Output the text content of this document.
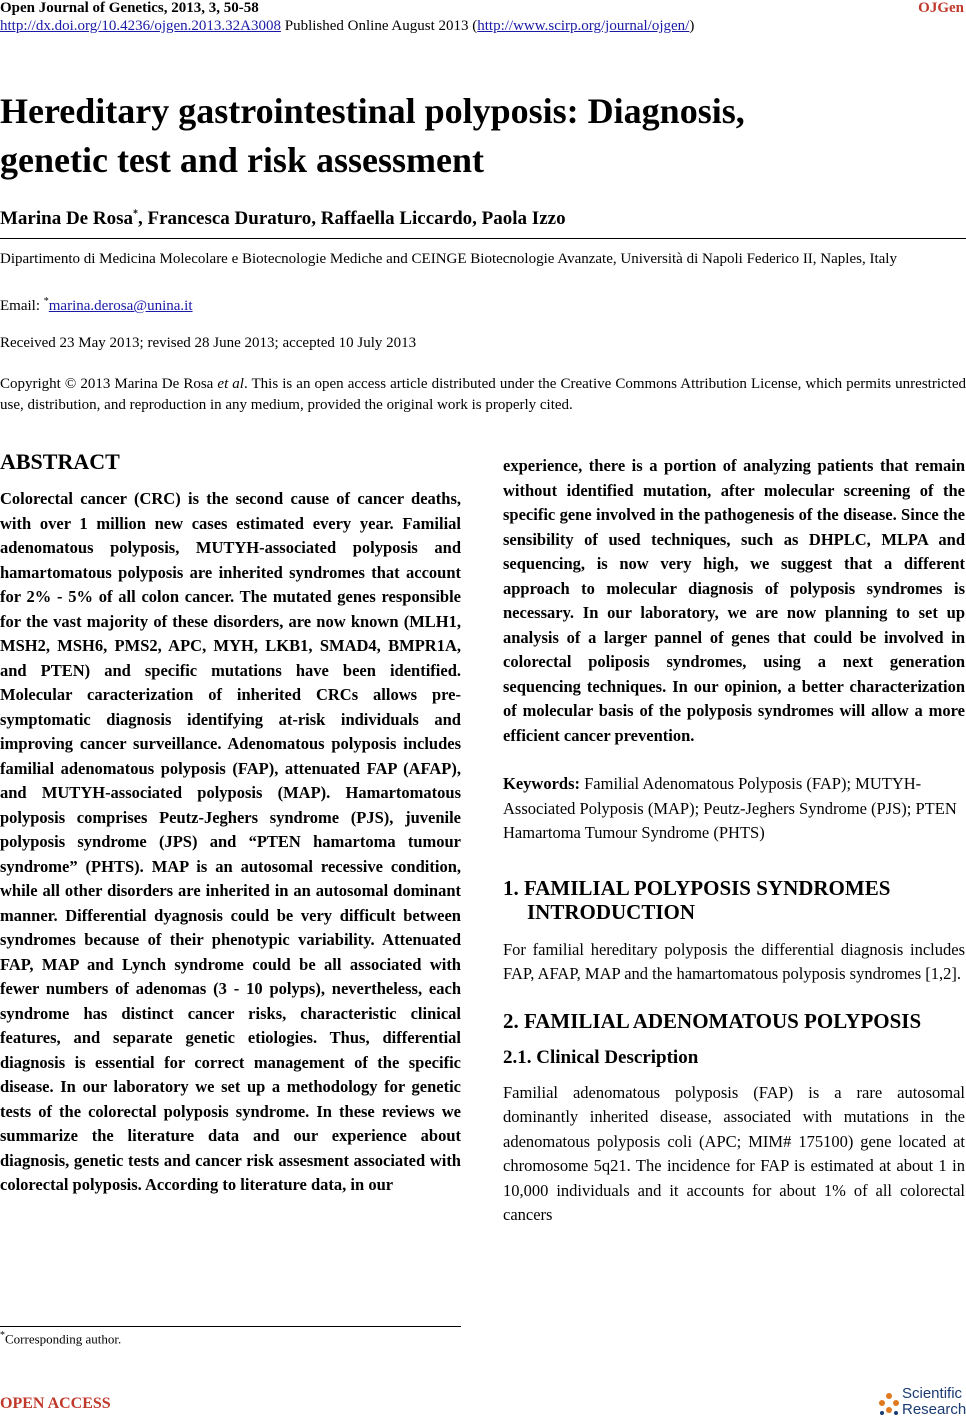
Open Journal of Genetics, 2013, 3, 50-58	OJGen
http://dx.doi.org/10.4236/ojgen.2013.32A3008 Published Online August 2013 (http://www.scirp.org/journal/ojgen/)
Hereditary gastrointestinal polyposis: Diagnosis,
genetic test and risk assessment
Marina De Rosa*, Francesca Duraturo, Raffaella Liccardo, Paola Izzo
Dipartimento di Medicina Molecolare e Biotecnologie Mediche and CEINGE Biotecnologie Avanzate, Università di Napoli Federico II, Naples, Italy
Email: *marina.derosa@unina.it
Received 23 May 2013; revised 28 June 2013; accepted 10 July 2013
Copyright © 2013 Marina De Rosa et al. This is an open access article distributed under the Creative Commons Attribution License, which permits unrestricted use, distribution, and reproduction in any medium, provided the original work is properly cited.
ABSTRACT

Colorectal cancer (CRC) is the second cause of cancer deaths, with over 1 million new cases estimated every year. Familial adenomatous polyposis, MUTYH-associated polyposis and hamartomatous polyposis are inherited syndromes that account for 2% - 5% of all colon cancer. The mutated genes responsible for the vast majority of these disorders, are now known (MLH1, MSH2, MSH6, PMS2, APC, MYH, LKB1, SMAD4, BMPR1A, and PTEN) and specific mutations have been identified. Molecular caracterization of inherited CRCs allows pre-symptomatic diagnosis identifying at-risk individuals and improving cancer surveillance. Adenomatous polyposis includes familial adenomatous polyposis (FAP), attenuated FAP (AFAP), and MUTYH-associated polyposis (MAP). Hamartomatous polyposis comprises Peutz-Jeghers syndrome (PJS), juvenile polyposis syndrome (JPS) and “PTEN hamartoma tumour syndrome” (PHTS). MAP is an autosomal recessive condition, while all other disorders are inherited in an autosomal dominant manner. Differential dyagnosis could be very difficult between syndromes because of their phenotypic variability. Attenuated FAP, MAP and Lynch syndrome could be all associated with fewer numbers of adenomas (3 - 10 polyps), nevertheless, each syndrome has distinct cancer risks, characteristic clinical features, and separate genetic etiologies. Thus, differential diagnosis is essential for correct management of the specific disease. In our laboratory we set up a methodology for genetic tests of the colorectal polyposis syndrome. In these reviews we summarize the literature data and our experience about diagnosis, genetic tests and cancer risk assesment associated with colorectal polyposis. According to literature data, in our

experience, there is a portion of analyzing patients that remain without identified mutation, after molecular screening of the specific gene involved in the pathogenesis of the disease. Since the sensibility of used techniques, such as DHPLC, MLPA and sequencing, is now very high, we suggest that a different approach to molecular diagnosis of polyposis syndromes is necessary. In our laboratory, we are now planning to set up analysis of a larger pannel of genes that could be involved in colorectal poliposis syndromes, using a next generation sequencing techniques. In our opinion, a better characterization of molecular basis of the polyposis syndromes will allow a more efficient cancer prevention.

Keywords: Familial Adenomatous Polyposis (FAP); MUTYH-Associated Polyposis (MAP); Peutz-Jeghers Syndrome (PJS); PTEN Hamartoma Tumour Syndrome (PHTS)

1. FAMILIAL POLYPOSIS SYNDROMES INTRODUCTION

For familial hereditary polyposis the differential diagnosis includes FAP, AFAP, MAP and the hamartomatous polyposis syndromes [1,2].

2. FAMILIAL ADENOMATOUS POLYPOSIS
2.1. Clinical Description

Familial adenomatous polyposis (FAP) is a rare autosomal dominantly inherited disease, associated with mutations in the adenomatous polyposis coli (APC; MIM# 175100) gene located at chromosome 5q21. The incidence for FAP is estimated at about 1 in 10,000 individuals and it accounts for about 1% of all colorectal cancers

*Corresponding author.
OPEN ACCESS
Scientific
Research
